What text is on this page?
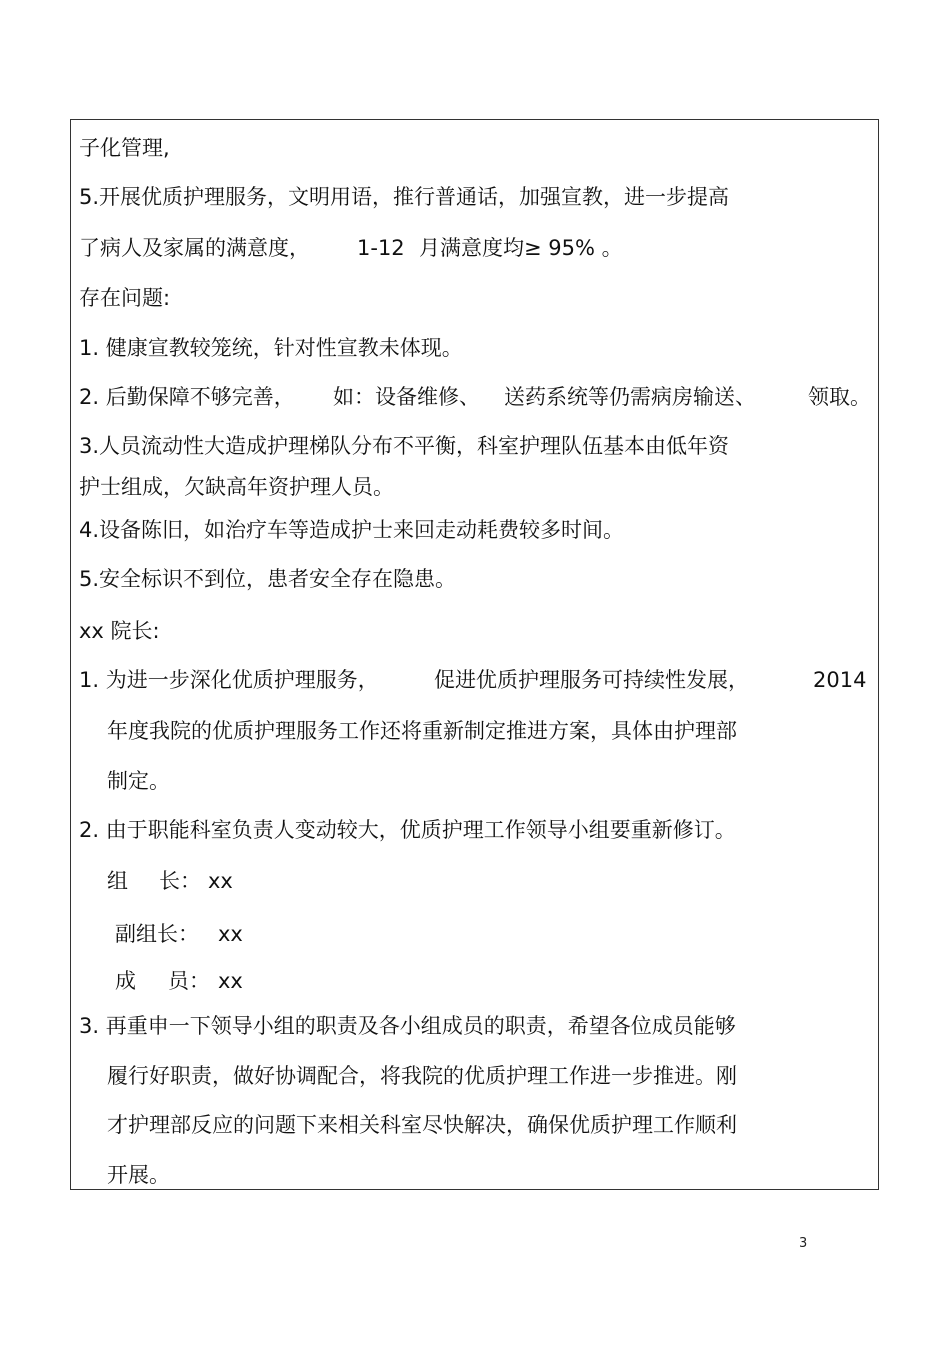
子化管理,
5.开展优质护理服务，文明用语，推行普通话，加强宣教，进一步提高
了病人及家属的满意度， 1-12 月满意度均≥ 95% 。
存在问题:
1. 健康宣教较笼统，针对性宣教未体现。
2. 后勤保障不够完善， 如：设备维修、 送药系统等仍需病房输送、 领取。
3.人员流动性大造成护理梯队分布不平衡，科室护理队伍基本由低年资
护士组成，欠缺高年资护理人员。
4.设备陈旧，如治疗车等造成护士来回走动耗费较多时间。
5.安全标识不到位，患者安全存在隐患。
xx 院长:
1. 为进一步深化优质护理服务，	促进优质护理服务可持续性发展，	2014
年度我院的优质护理服务工作还将重新制定推进方案，具体由护理部
制定。
2. 由于职能科室负责人变动较大，优质护理工作领导小组要重新修订。
组 长： xx
副组长： xx
成 员： xx
3. 再重申一下领导小组的职责及各小组成员的职责，希望各位成员能够
履行好职责，做好协调配合，将我院的优质护理工作进一步推进。刚
才护理部反应的问题下来相关科室尽快解决，确保优质护理工作顺利
开展。
3
